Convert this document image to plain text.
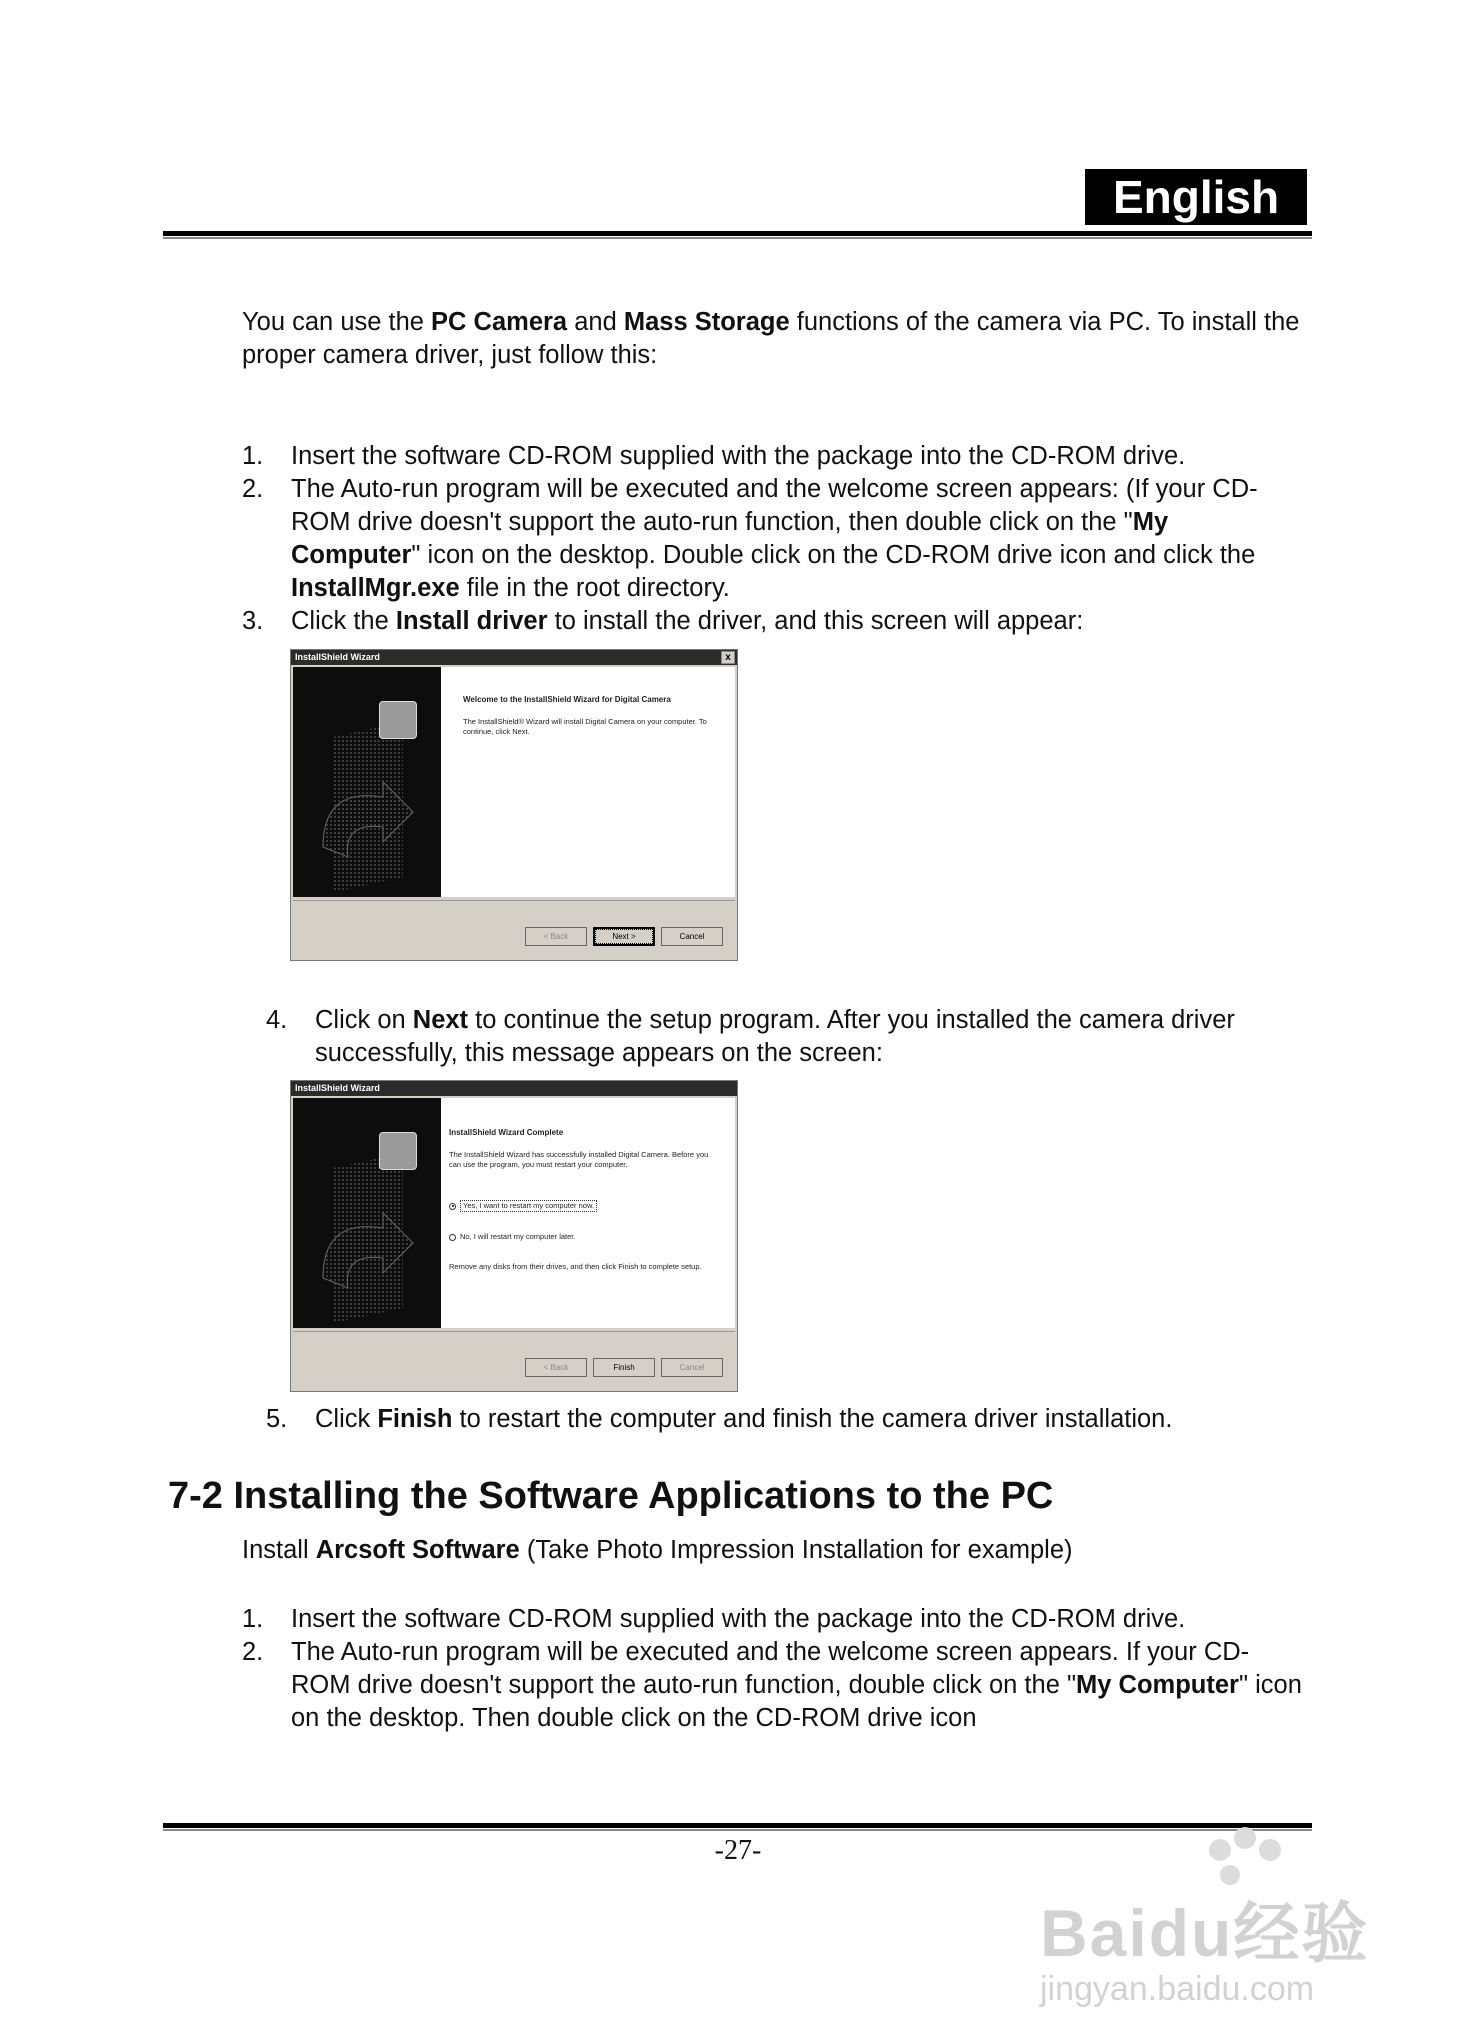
English
You can use the PC Camera and Mass Storage functions of the camera via PC. To install the proper camera driver, just follow this:
1. Insert the software CD-ROM supplied with the package into the CD-ROM drive.
2. The Auto-run program will be executed and the welcome screen appears: (If your CD-ROM drive doesn't support the auto-run function, then double click on the "My Computer" icon on the desktop. Double click on the CD-ROM drive icon and click the InstallMgr.exe file in the root directory.
3. Click the Install driver to install the driver, and this screen will appear:
InstallShield Wizard	x
Welcome to the InstallShield Wizard for Digital Camera

The InstallShield® Wizard will install Digital Camera on your computer. To continue, click Next.

< Back	Next >	Cancel
4. Click on Next to continue the setup program. After you installed the camera driver successfully, this message appears on the screen:
InstallShield Wizard
InstallShield Wizard Complete

The InstallShield Wizard has successfully installed Digital Camera. Before you can use the program, you must restart your computer.

Yes, I want to restart my computer now.
No, I will restart my computer later.

Remove any disks from their drives, and then click Finish to complete setup.

< Back	Finish	Cancel
5. Click Finish to restart the computer and finish the camera driver installation.
7-2 Installing the Software Applications to the PC
Install Arcsoft Software (Take Photo Impression Installation for example)
1. Insert the software CD-ROM supplied with the package into the CD-ROM drive.
2. The Auto-run program will be executed and the welcome screen appears. If your CD-ROM drive doesn't support the auto-run function, double click on the "My Computer" icon on the desktop. Then double click on the CD-ROM drive icon
-27-
Baidu经验
jingyan.baidu.com
